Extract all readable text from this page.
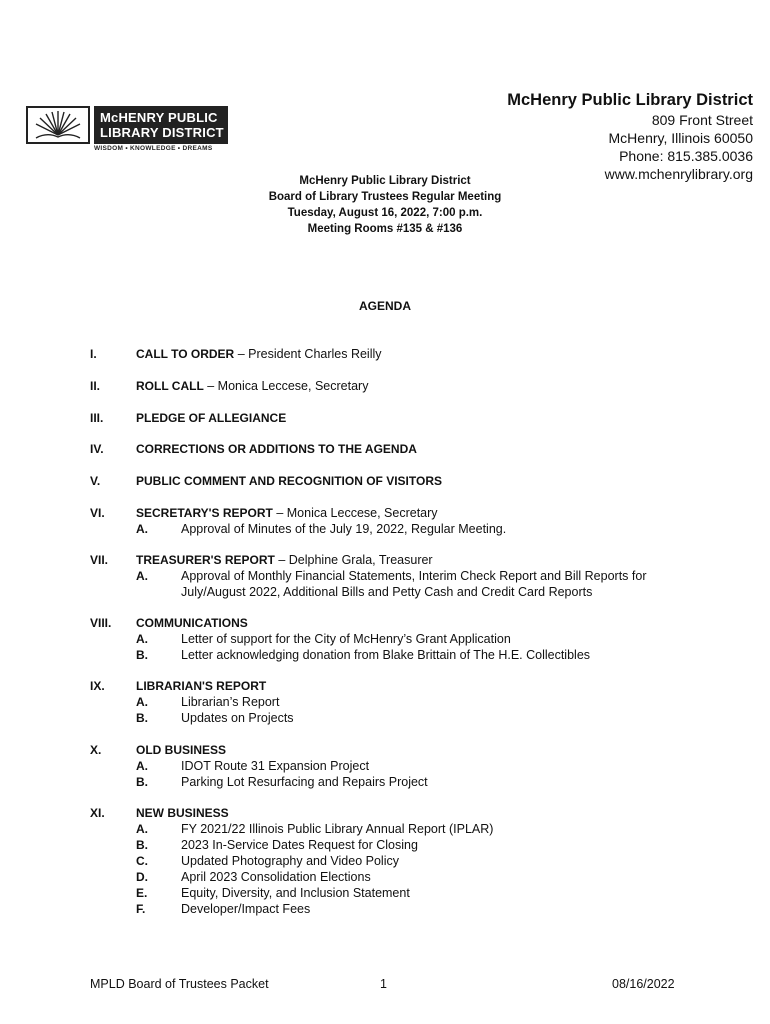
McHENRY PUBLIC
LIBRARY DISTRICT
WISDOM • KNOWLEDGE • DREAMS
McHenry Public Library District
809 Front Street
McHenry, Illinois 60050
Phone: 815.385.0036
www.mchenrylibrary.org
McHenry Public Library District
Board of Library Trustees Regular Meeting
Tuesday, August 16, 2022, 7:00 p.m.
Meeting Rooms #135 & #136
AGENDA
I.	CALL TO ORDER – President Charles Reilly
II.	ROLL CALL – Monica Leccese, Secretary
III.	PLEDGE OF ALLEGIANCE
IV.	CORRECTIONS OR ADDITIONS TO THE AGENDA
V.	PUBLIC COMMENT AND RECOGNITION OF VISITORS
VI.	SECRETARY'S REPORT – Monica Leccese, Secretary
A.	Approval of Minutes of the July 19, 2022, Regular Meeting.
VII. TREASURER'S REPORT – Delphine Grala, Treasurer
A.	Approval of Monthly Financial Statements, Interim Check Report and Bill Reports for July/August 2022, Additional Bills and Petty Cash and Credit Card Reports
VIII. COMMUNICATIONS
A.	Letter of support for the City of McHenry’s Grant Application
B.	Letter acknowledging donation from Blake Brittain of The H.E. Collectibles
IX.	LIBRARIAN'S REPORT
A.	Librarian’s Report
B.	Updates on Projects
X.	OLD BUSINESS
A.	IDOT Route 31 Expansion Project
B.	Parking Lot Resurfacing and Repairs Project
XI.	NEW BUSINESS
A.	FY 2021/22 Illinois Public Library Annual Report (IPLAR)
B.	2023 In-Service Dates Request for Closing
C.	Updated Photography and Video Policy
D.	April 2023 Consolidation Elections
E.	Equity, Diversity, and Inclusion Statement
F.	Developer/Impact Fees
MPLD Board of Trustees Packet	1	08/16/2022
